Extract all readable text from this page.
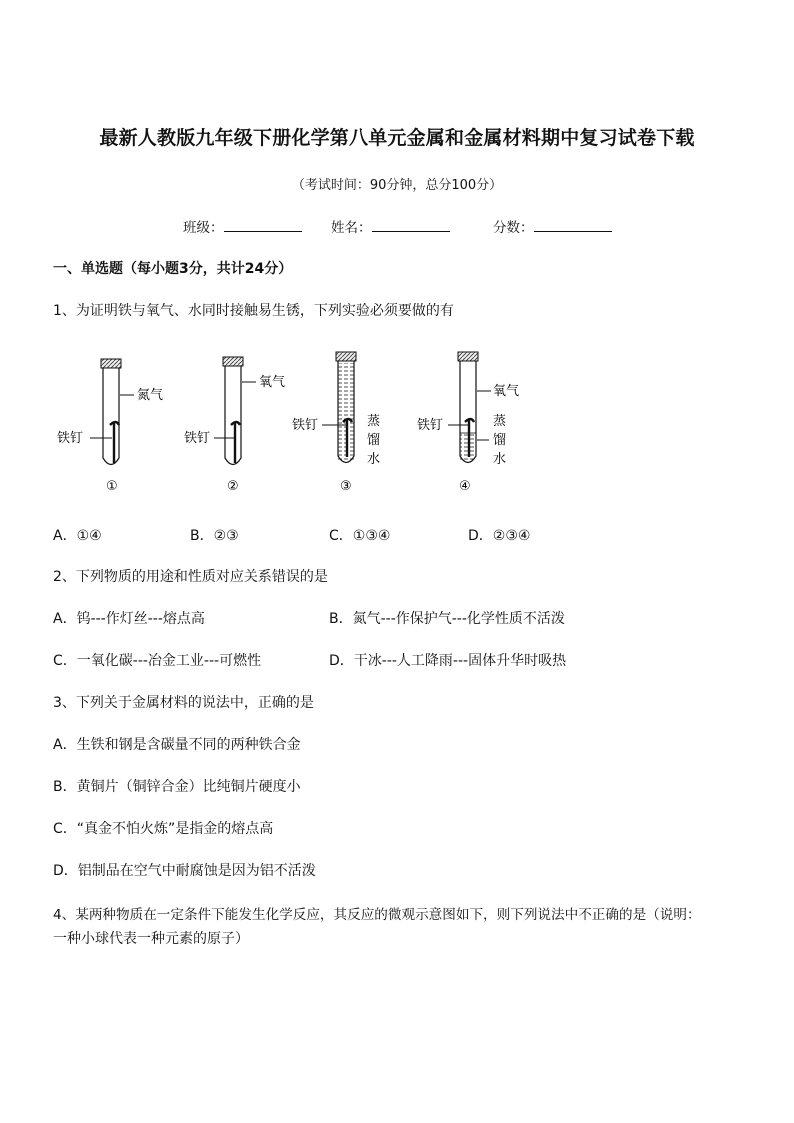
最新人教版九年级下册化学第八单元金属和金属材料期中复习试卷下载
（考试时间：90分钟，总分100分）
班级：	姓名：	分数：
一、单选题（每小题3分，共计24分）
1、为证明铁与氧气、水同时接触易生锈，下列实验必须要做的有
氮气
铁钉
①
氧气
铁钉
②
铁钉	蒸
馏
水
③
氧气
铁钉	蒸
馏
水
④
A．①④	B．②③	C．①③④	D．②③④
2、下列物质的用途和性质对应关系错误的是
A．钨---作灯丝---熔点高	B．氮气---作保护气---化学性质不活泼
C．一氧化碳---冶金工业---可燃性	D．干冰---人工降雨---固体升华时吸热
3、下列关于金属材料的说法中，正确的是
A．生铁和钢是含碳量不同的两种铁合金
B．黄铜片（铜锌合金）比纯铜片硬度小
C．“真金不怕火炼”是指金的熔点高
D．铝制品在空气中耐腐蚀是因为铝不活泼
4、某两种物质在一定条件下能发生化学反应，其反应的微观示意图如下，则下列说法中不正确的是（说明：
一种小球代表一种元素的原子）
